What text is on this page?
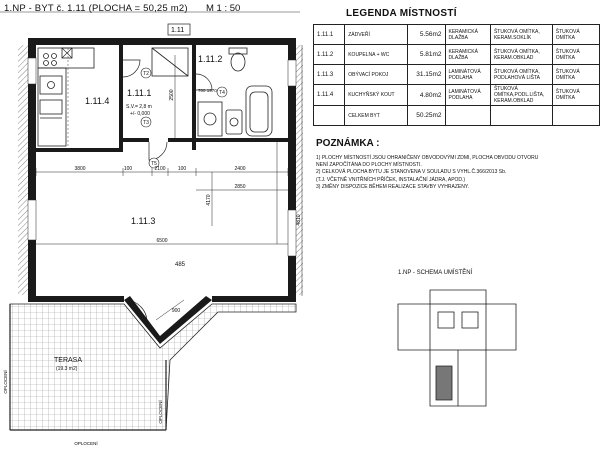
1.NP - BYT č. 1.11 (PLOCHA = 50,25 m2) M 1 : 50
T2
T3
T4
T5
3800	100	2100 100	2400
2850
6500
485
900
2500
4170
4810
1.11.4
1.11.1
1.11.2
1.11.3
S.V.= 2,8 m
+/- 0,000
700 1970
TERASA
(19.3 m2)
OPLOCENÍ
OPLOCENÍ
OPLOCENÍ
1.11
LEGENDA MÍSTNOSTÍ
1.11.1	ZÁDVEŘÍ	5.56m2	KERAMICKÁ DLAŽBA	ŠTUKOVÁ OMÍTKA, KERAM.SOKLÍK	ŠTUKOVÁ OMÍTKA
1.11.2	KOUPELNA + WC	5.81m2	KERAMICKÁ DLAŽBA	ŠTUKOVÁ OMÍTKA, KERAM.OBKLAD	ŠTUKOVÁ OMÍTKA
1.11.3	OBÝVACÍ POKOJ	31.15m2	LAMINÁTOVÁ PODLAHA	ŠTUKOVÁ OMÍTKA, PODLAHOVÁ LIŠTA	ŠTUKOVÁ OMÍTKA
1.11.4	KUCHYŇSKÝ KOUT	4.80m2	LAMINÁTOVÁ PODLAHA	ŠTUKOVÁ OMÍTKA,PODL.LIŠTA, KERAM.OBKLAD	ŠTUKOVÁ OMÍTKA
	CELKEM BYT	50.25m2			
POZNÁMKA :
1) PLOCHY MÍSTNOSTÍ JSOU OHRANIČENY OBVODOVÝMI ZDMI, PLOCHA OBVODU OTVORU
NENÍ ZAPOČÍTÁNA DO PLOCHY MÍSTNOSTI.
2) CELKOVÁ PLOCHA BYTU JE STANOVENA V SOULADU S VYHL.Č.366/2013 Sb.
(T.J. VČETNĚ VNITŘNÍCH PŘÍČEK, INSTALAČNÍ JÁDRA, APOD.)
3) ZMĚNY DISPOZICE BĚHEM REALIZACE STAVBY VYHRAZENY.
1.NP - SCHEMA UMÍSTĚNÍ
